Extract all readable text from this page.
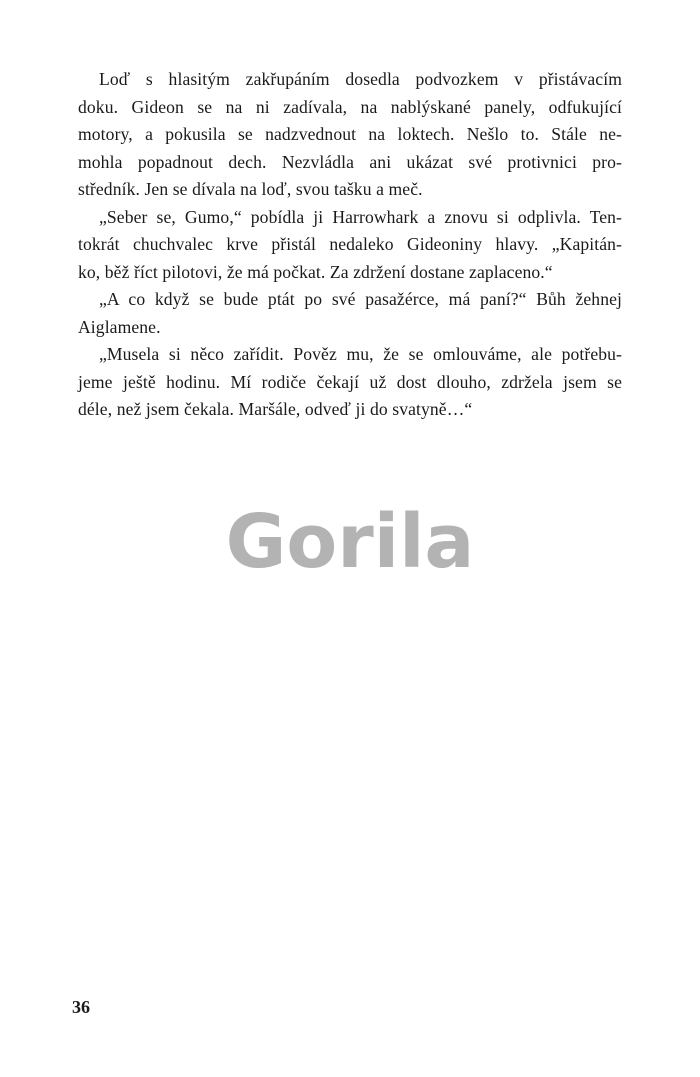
Loď s hlasitým zakřupáním dosedla podvozkem v přistávacím
doku. Gideon se na ni zadívala, na nablýskané panely, odfukující
motory, a pokusila se nadzvednout na loktech. Nešlo to. Stále ne-
mohla popadnout dech. Nezvládla ani ukázat své protivnici pro-
středník. Jen se dívala na loď, svou tašku a meč.
„Seber se, Gumo,“ pobídla ji Harrowhark a znovu si odplivla. Ten-
tokrát chuchvalec krve přistál nedaleko Gideoniny hlavy. „Kapitán-
ko, běž říct pilotovi, že má počkat. Za zdržení dostane zaplaceno.“
„A co když se bude ptát po své pasažérce, má paní?“ Bůh žehnej
Aiglamene.
„Musela si něco zařídit. Pověz mu, že se omlouváme, ale potřebu-
jeme ještě hodinu. Mí rodiče čekají už dost dlouho, zdržela jsem se
déle, než jsem čekala. Maršále, odveď ji do svatyně…“
Gorila
36
